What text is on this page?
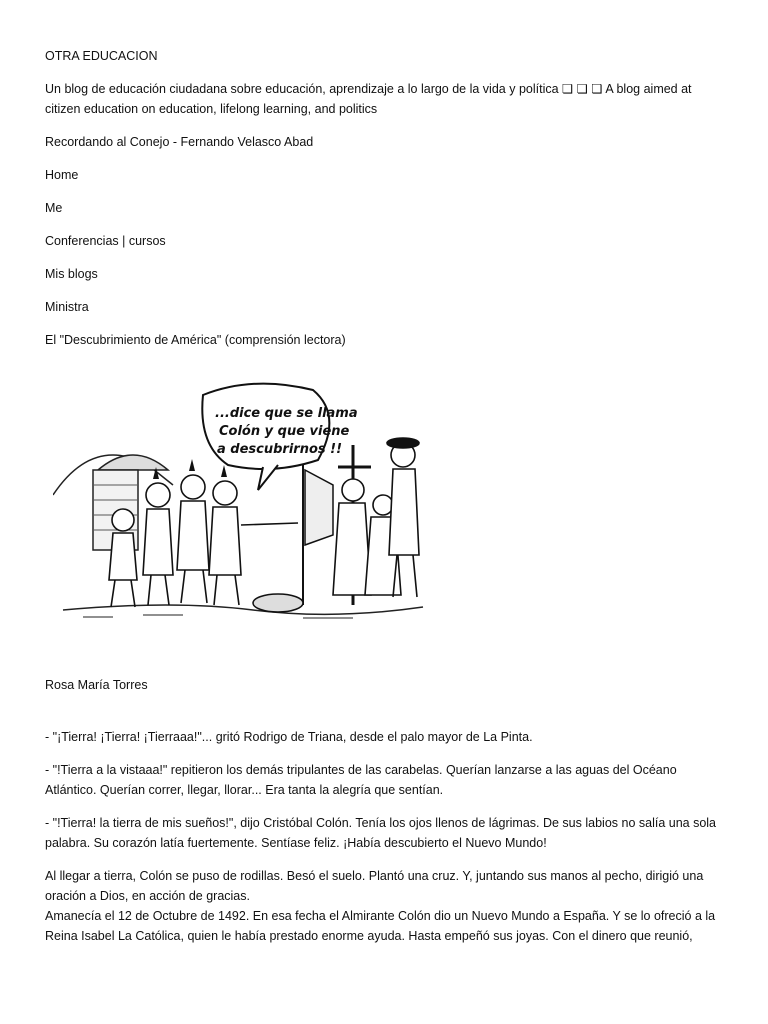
OTRA EDUCACION
Un blog de educación ciudadana sobre educación, aprendizaje a lo largo de la vida y política ❏ ❏ ❏ A blog aimed at
citizen education on education, lifelong learning, and politics
Recordando al Conejo - Fernando Velasco Abad
Home
Me
Conferencias | cursos
Mis blogs
Ministra
El "Descubrimiento de América" (comprensión lectora)
...dice que se llama
Colón y que viene
a descubrirnos !!
Rosa María Torres
- "¡Tierra! ¡Tierra! ¡Tierraaa!"... gritó Rodrigo de Triana, desde el palo mayor de La Pinta.
- "!Tierra a la vistaaa!" repitieron los demás tripulantes de las carabelas. Querían lanzarse a las aguas del Océano
Atlántico. Querían correr, llegar, llorar... Era tanta la alegría que sentían.
- "!Tierra! la tierra de mis sueños!", dijo Cristóbal Colón. Tenía los ojos llenos de lágrimas. De sus labios no salía una sola
palabra. Su corazón latía fuertemente. Sentíase feliz. ¡Había descubierto el Nuevo Mundo!
Al llegar a tierra, Colón se puso de rodillas. Besó el suelo. Plantó una cruz. Y, juntando sus manos al pecho, dirigió una
oración a Dios, en acción de gracias.
Amanecía el 12 de Octubre de 1492. En esa fecha el Almirante Colón dio un Nuevo Mundo a España. Y se lo ofreció a la
Reina Isabel La Católica, quien le había prestado enorme ayuda. Hasta empeñó sus joyas. Con el dinero que reunió,
